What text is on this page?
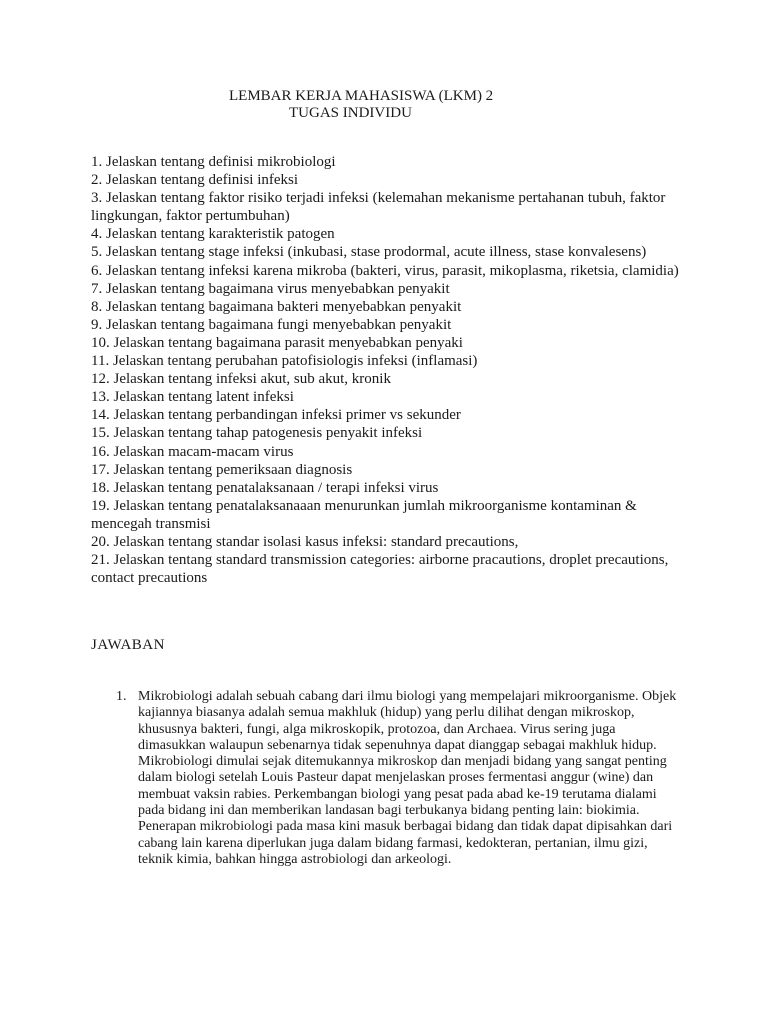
LEMBAR KERJA MAHASISWA (LKM) 2
TUGAS INDIVIDU
1. Jelaskan tentang definisi mikrobiologi
2. Jelaskan tentang definisi infeksi
3. Jelaskan tentang faktor risiko terjadi infeksi (kelemahan mekanisme pertahanan tubuh, faktor lingkungan, faktor pertumbuhan)
4. Jelaskan tentang karakteristik patogen
5. Jelaskan tentang stage infeksi (inkubasi, stase prodormal, acute illness, stase konvalesens)
6. Jelaskan tentang infeksi karena mikroba (bakteri, virus, parasit, mikoplasma, riketsia, clamidia)
7. Jelaskan tentang bagaimana virus menyebabkan penyakit
8. Jelaskan tentang bagaimana bakteri menyebabkan penyakit
9. Jelaskan tentang bagaimana fungi menyebabkan penyakit
10. Jelaskan tentang bagaimana parasit menyebabkan penyaki
11. Jelaskan tentang perubahan patofisiologis infeksi (inflamasi)
12. Jelaskan tentang infeksi akut, sub akut, kronik
13. Jelaskan tentang latent infeksi
14. Jelaskan tentang perbandingan infeksi primer vs sekunder
15. Jelaskan tentang tahap patogenesis penyakit infeksi
16. Jelaskan macam-macam virus
17. Jelaskan tentang pemeriksaan diagnosis
18. Jelaskan tentang penatalaksanaan / terapi infeksi virus
19. Jelaskan tentang penatalaksanaaan menurunkan jumlah mikroorganisme kontaminan & mencegah transmisi
20. Jelaskan tentang standar isolasi kasus infeksi: standard precautions,
21. Jelaskan tentang standard transmission categories: airborne pracautions, droplet precautions, contact precautions
JAWABAN
1. Mikrobiologi adalah sebuah cabang dari ilmu biologi yang mempelajari mikroorganisme. Objek kajiannya biasanya adalah semua makhluk (hidup) yang perlu dilihat dengan mikroskop, khususnya bakteri, fungi, alga mikroskopik, protozoa, dan Archaea. Virus sering juga dimasukkan walaupun sebenarnya tidak sepenuhnya dapat dianggap sebagai makhluk hidup. Mikrobiologi dimulai sejak ditemukannya mikroskop dan menjadi bidang yang sangat penting dalam biologi setelah Louis Pasteur dapat menjelaskan proses fermentasi anggur (wine) dan membuat vaksin rabies. Perkembangan biologi yang pesat pada abad ke-19 terutama dialami pada bidang ini dan memberikan landasan bagi terbukanya bidang penting lain: biokimia. Penerapan mikrobiologi pada masa kini masuk berbagai bidang dan tidak dapat dipisahkan dari cabang lain karena diperlukan juga dalam bidang farmasi, kedokteran, pertanian, ilmu gizi, teknik kimia, bahkan hingga astrobiologi dan arkeologi.
